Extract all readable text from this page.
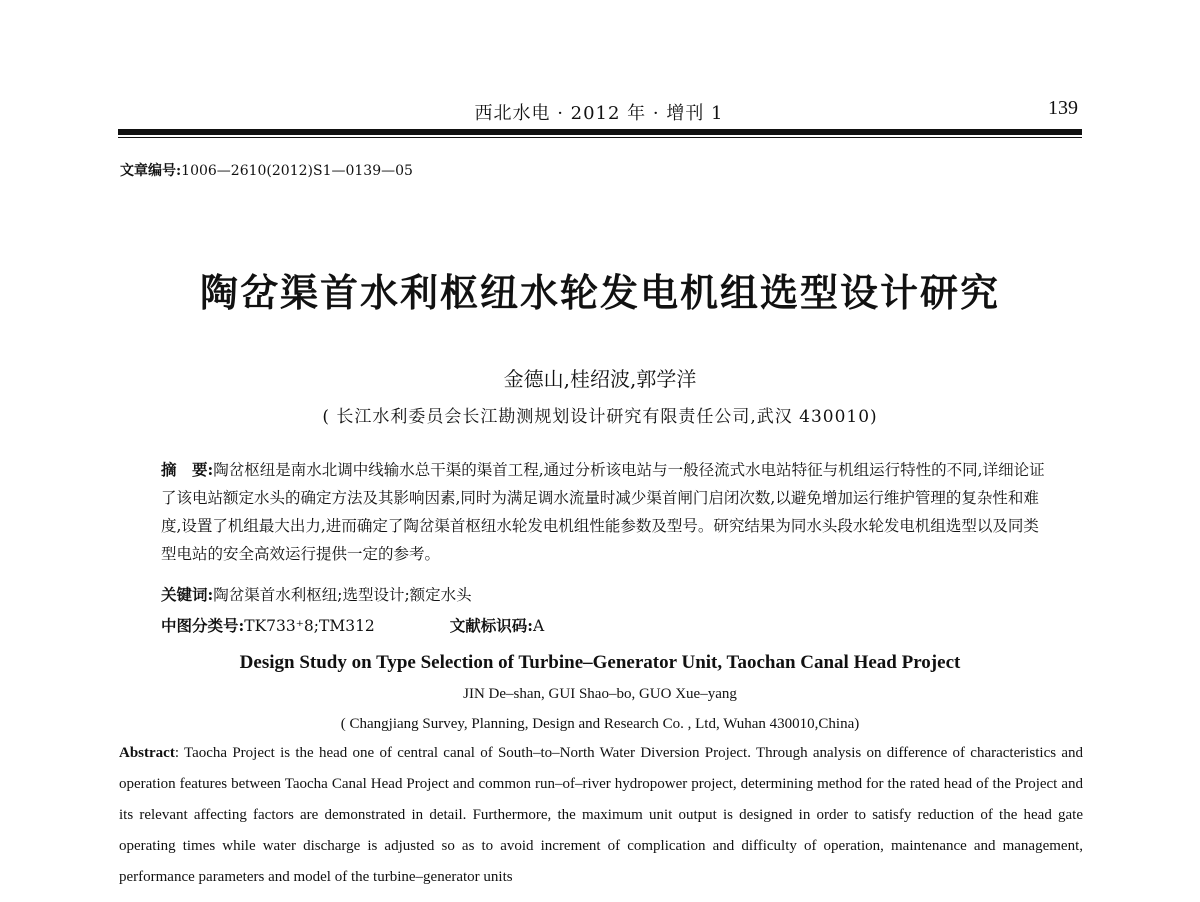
西北水电 · 2012 年 · 增刊 1	139
文章编号:1006—2610(2012)S1—0139—05
陶岔渠首水利枢纽水轮发电机组选型设计研究
金德山,桂绍波,郭学洋
( 长江水利委员会长江勘测规划设计研究有限责任公司,武汉 430010)
摘　要:陶岔枢纽是南水北调中线输水总干渠的渠首工程,通过分析该电站与一般径流式水电站特征与机组运行特性的不同,详细论证了该电站额定水头的确定方法及其影响因素,同时为满足调水流量时减少渠首闸门启闭次数,以避免增加运行维护管理的复杂性和难度,设置了机组最大出力,进而确定了陶岔渠首枢纽水轮发电机组性能参数及型号。研究结果为同水头段水轮发电机组选型以及同类型电站的安全高效运行提供一定的参考。
关键词:陶岔渠首水利枢纽;选型设计;额定水头
中图分类号:TK733⁺8;TM312	文献标识码:A
Design Study on Type Selection of Turbine–Generator Unit, Taochan Canal Head Project
JIN De–shan, GUI Shao–bo, GUO Xue–yang
( Changjiang Survey, Planning, Design and Research Co. , Ltd, Wuhan 430010,China)
Abstract: Taocha Project is the head one of central canal of South–to–North Water Diversion Project. Through analysis on difference of characteristics and operation features between Taocha Canal Head Project and common run–of–river hydropower project, determining method for the rated head of the Project and its relevant affecting factors are demonstrated in detail. Furthermore, the maximum unit output is designed in order to satisfy reduction of the head gate operating times while water discharge is adjusted so as to avoid increment of complication and difficulty of operation, maintenance and management, performance parameters and model of the turbine–generator units
